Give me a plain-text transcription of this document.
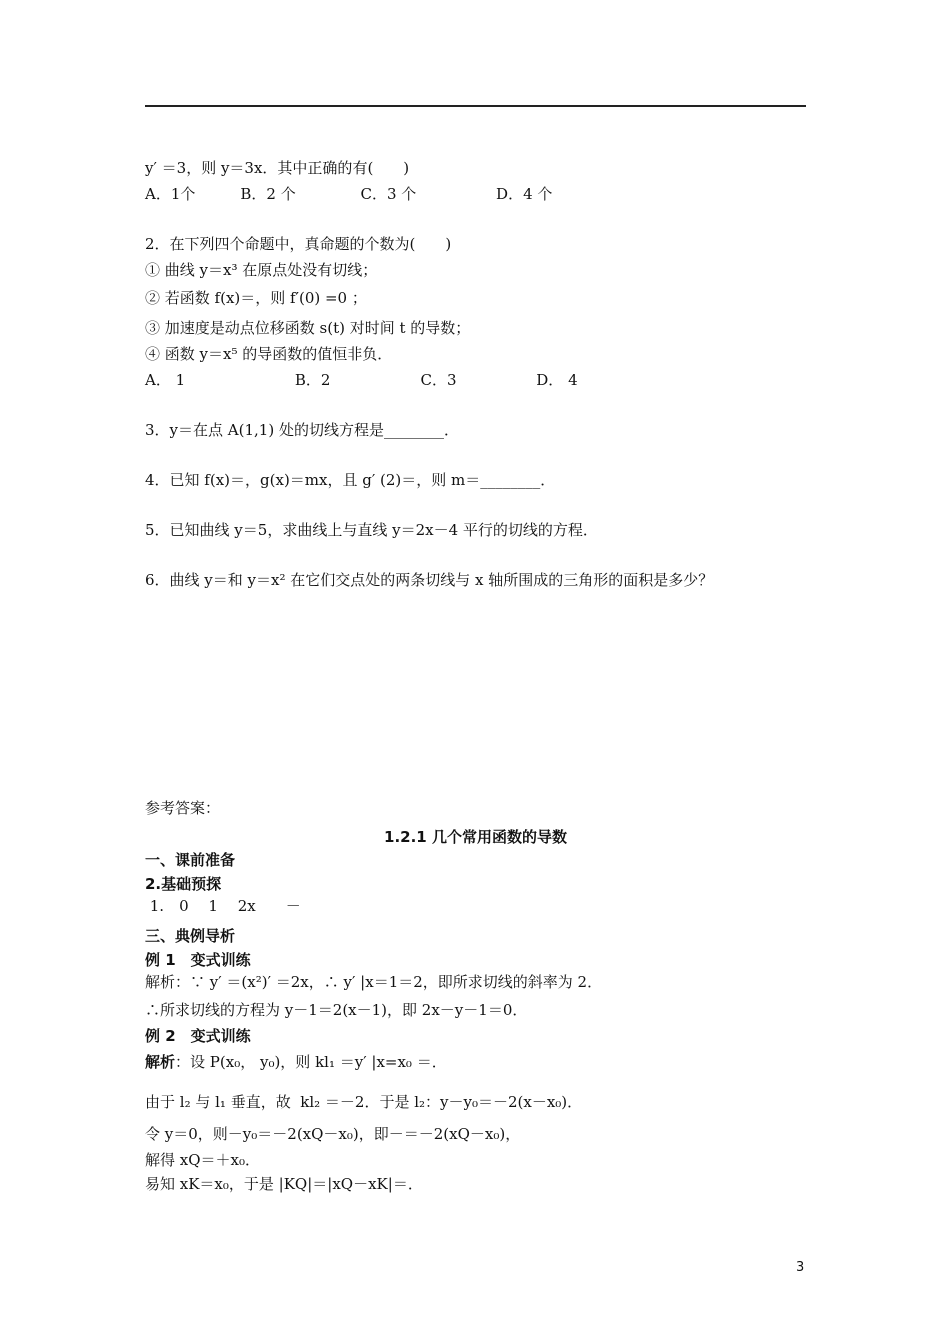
y′ ＝3，则 y＝3x．其中正确的有(　　)
A．1个　　　B．2 个　　　　 C．3 个　　　　　 D．4 个
2．在下列四个命题中，真命题的个数为(　　)
① 曲线 y＝x³ 在原点处没有切线；
② 若函数 f(x)＝，则 f′(0) =0 ；
③ 加速度是动点位移函数 s(t) 对时间 t 的导数；
④ 函数 y＝x⁵ 的导函数的值恒非负．
A． 1　　　　　　　 B．2　　　　　　C．3　　　　　 D． 4
3．y＝在点 A(1,1) 处的切线方程是________．
4．已知 f(x)＝，g(x)＝mx，且 g′ (2)＝，则 m＝________．
5．已知曲线 y＝5，求曲线上与直线 y＝2x－4 平行的切线的方程．
6．曲线 y＝和 y＝x² 在它们交点处的两条切线与 x 轴所围成的三角形的面积是多少？
参考答案：
1.2.1 几个常用函数的导数
一、课前准备
2.基础预探
1.　0　 1　 2x　　－
三、典例导析
例 1　变式训练
解析：∵ y′ ＝(x²)′ ＝2x，∴ y′ |x＝1＝2，即所求切线的斜率为 2．
∴所求切线的方程为 y－1＝2(x－1)，即 2x－y－1＝0．
例 2　变式训练
解析：设 P(x₀， y₀)，则 kl₁ ＝y′ |x=x₀ ＝．
由于 l₂ 与 l₁ 垂直，故  kl₂ ＝－2．于是 l₂：y－y₀＝－2(x－x₀)．
令 y＝0，则－y₀＝－2(xQ－x₀)，即－＝－2(xQ－x₀)，
解得 xQ＝＋x₀．
易知 xK＝x₀，于是 |KQ|＝|xQ－xK|＝．
3
